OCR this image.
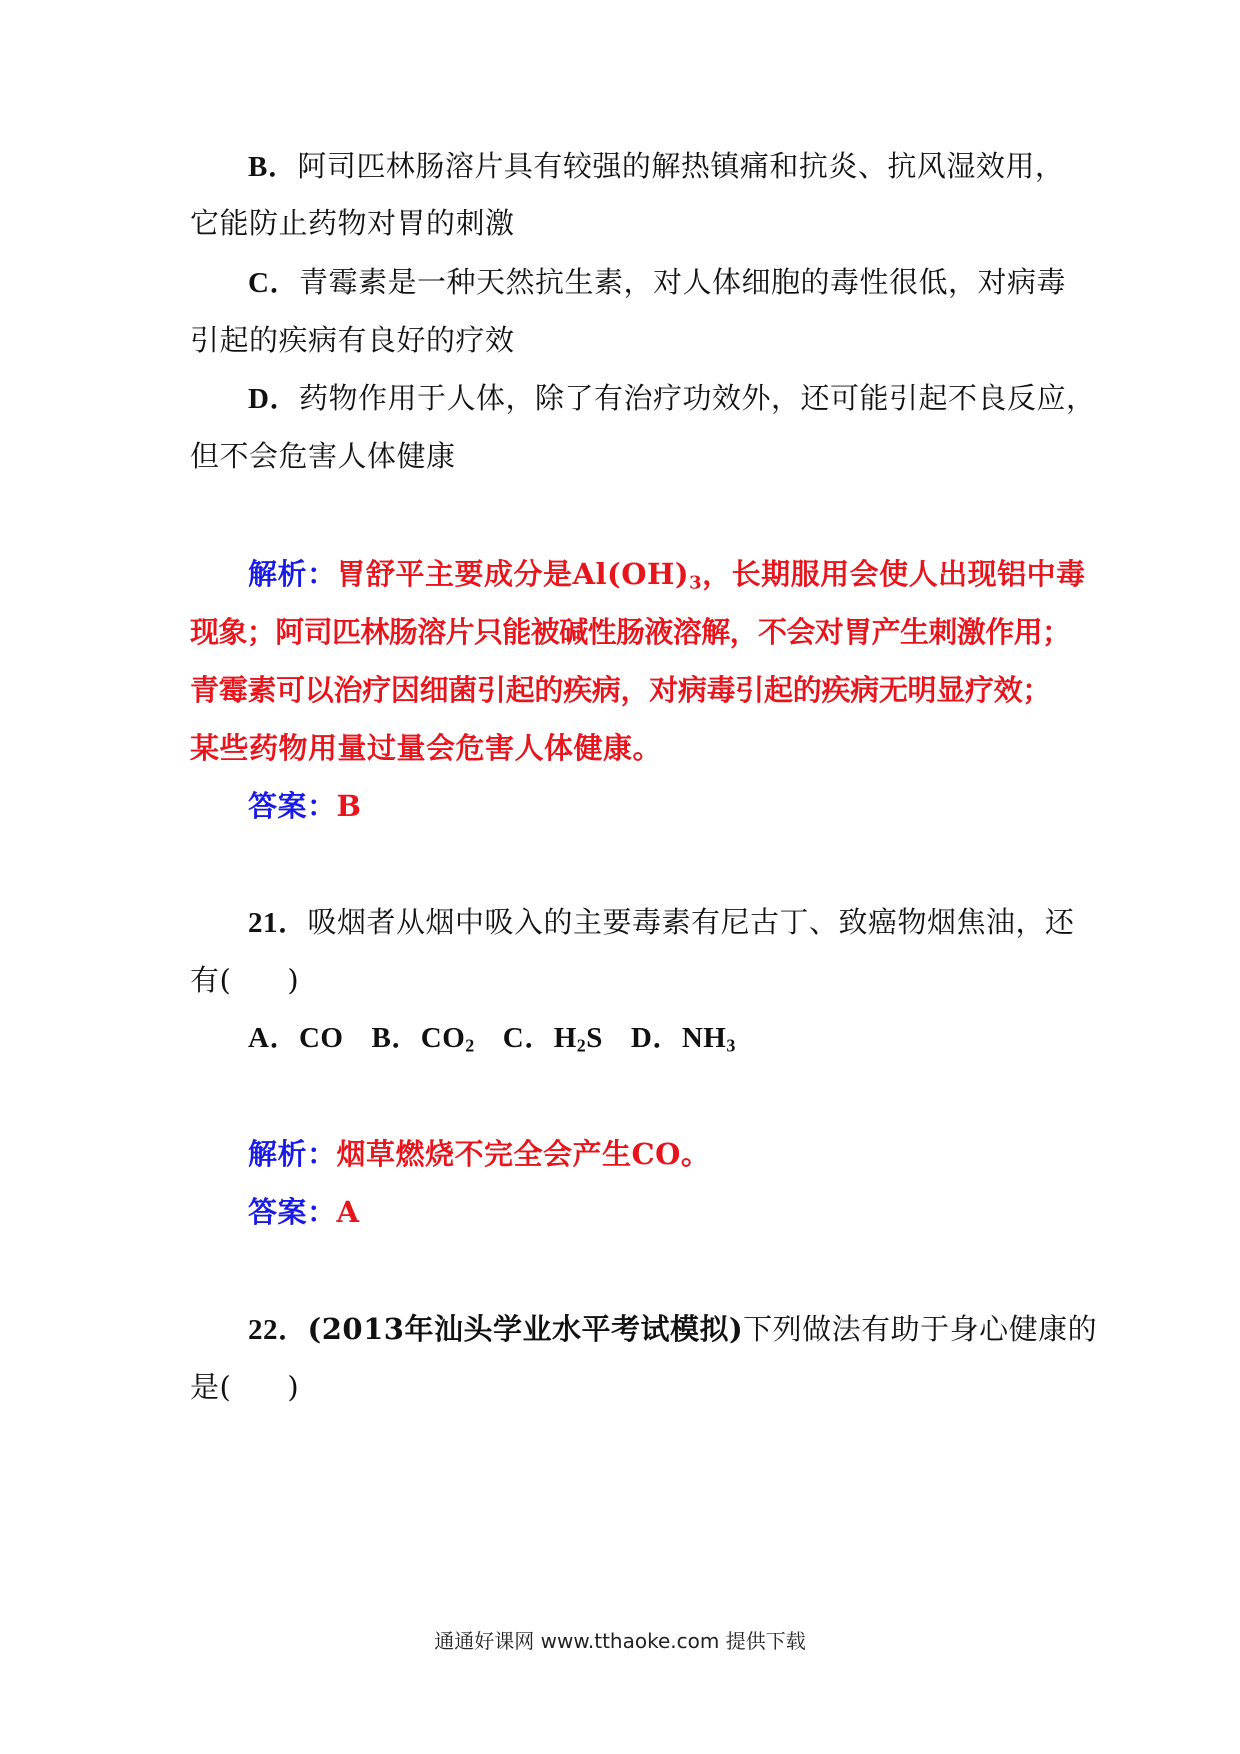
B．阿司匹林肠溶片具有较强的解热镇痛和抗炎、抗风湿效用，
它能防止药物对胃的刺激
C．青霉素是一种天然抗生素，对人体细胞的毒性很低，对病毒
引起的疾病有良好的疗效
D．药物作用于人体，除了有治疗功效外，还可能引起不良反应，
但不会危害人体健康
解析：胃舒平主要成分是$Al(OH)_3$，长期服用会使人出现铝中毒
现象；阿司匹林肠溶片只能被碱性肠液溶解，不会对胃产生刺激作用；
青霉素可以治疗因细菌引起的疾病，对病毒引起的疾病无明显疗效；
某些药物用量过量会危害人体健康。
答案：B
21．吸烟者从烟中吸入的主要毒素有尼古丁、致癌物烟焦油，还
有( )
A．CO B．$CO_2$ C．$H_2S$ D．$NH_3$
解析：烟草燃烧不完全会产生CO。
答案：A
22．(2013年汕头学业水平考试模拟)下列做法有助于身心健康的
是( )
通通好课网 www.tthaoke.com 提供下载
